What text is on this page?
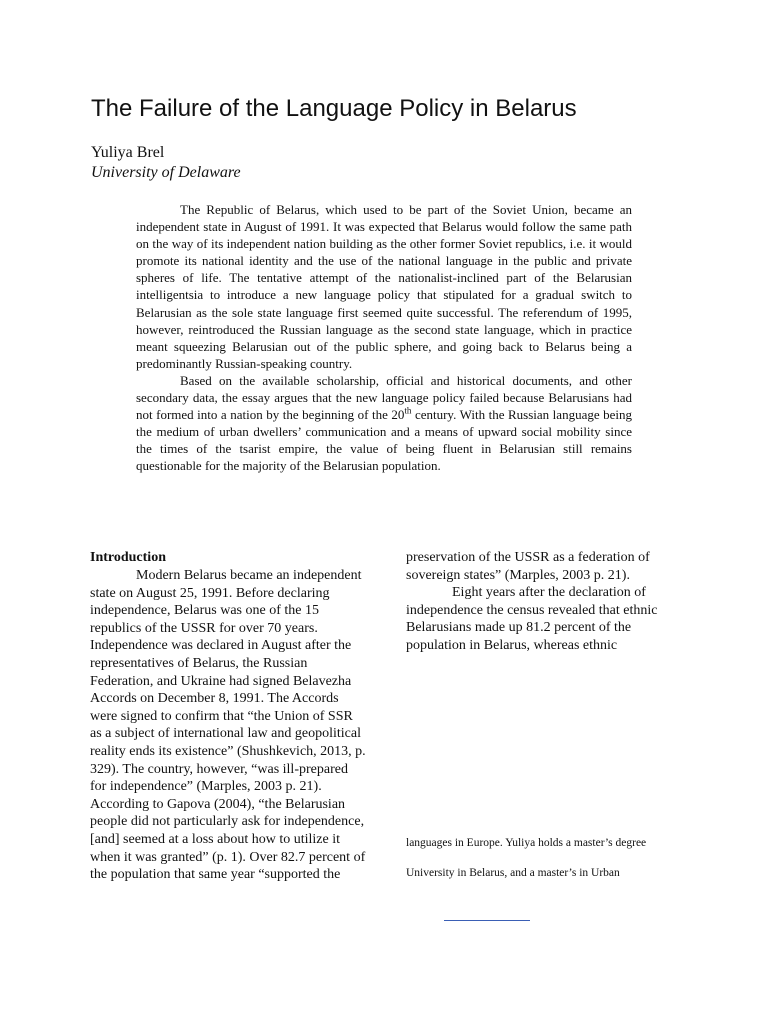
The Failure of the Language Policy in Belarus
Yuliya Brel
University of Delaware

The Republic of Belarus, which used to be part of the Soviet Union, became an independent state in August of 1991. It was expected that Belarus would follow the same path on the way of its independent nation building as the other former Soviet republics, i.e. it would promote its national identity and the use of the national language in the public and private spheres of life. The tentative attempt of the nationalist-inclined part of the Belarusian intelligentsia to introduce a new language policy that stipulated for a gradual switch to Belarusian as the sole state language first seemed quite successful. The referendum of 1995, however, reintroduced the Russian language as the second state language, which in practice meant squeezing Belarusian out of the public sphere, and going back to Belarus being a predominantly Russian-speaking country.

Based on the available scholarship, official and historical documents, and other secondary data, the essay argues that the new language policy failed because Belarusians had not formed into a nation by the beginning of the 20th century. With the Russian language being the medium of urban dwellers’ communication and a means of upward social mobility since the times of the tsarist empire, the value of being fluent in Belarusian still remains questionable for the majority of the Belarusian population.

Introduction

Modern Belarus became an independent state on August 25, 1991. Before declaring independence, Belarus was one of the 15 republics of the USSR for over 70 years. Independence was declared in August after the representatives of Belarus, the Russian Federation, and Ukraine had signed Belavezha Accords on December 8, 1991. The Accords were signed to confirm that “the Union of SSR as a subject of international law and geopolitical reality ends its existence” (Shushkevich, 2013, p. 329). The country, however, “was ill-prepared for independence” (Marples, 2003 p. 21). According to Gapova (2004), “the Belarusian people did not particularly ask for independence, [and] seemed at a loss about how to utilize it when it was granted” (p. 1). Over 82.7 percent of the population that same year “supported the

preservation of the USSR as a federation of sovereign states” (Marples, 2003 p. 21).

Eight years after the declaration of independence the census revealed that ethnic Belarusians made up 81.2 percent of the population in Belarus, whereas ethnic

languages in Europe. Yuliya holds a master’s degree
University in Belarus, and a master’s in Urban
